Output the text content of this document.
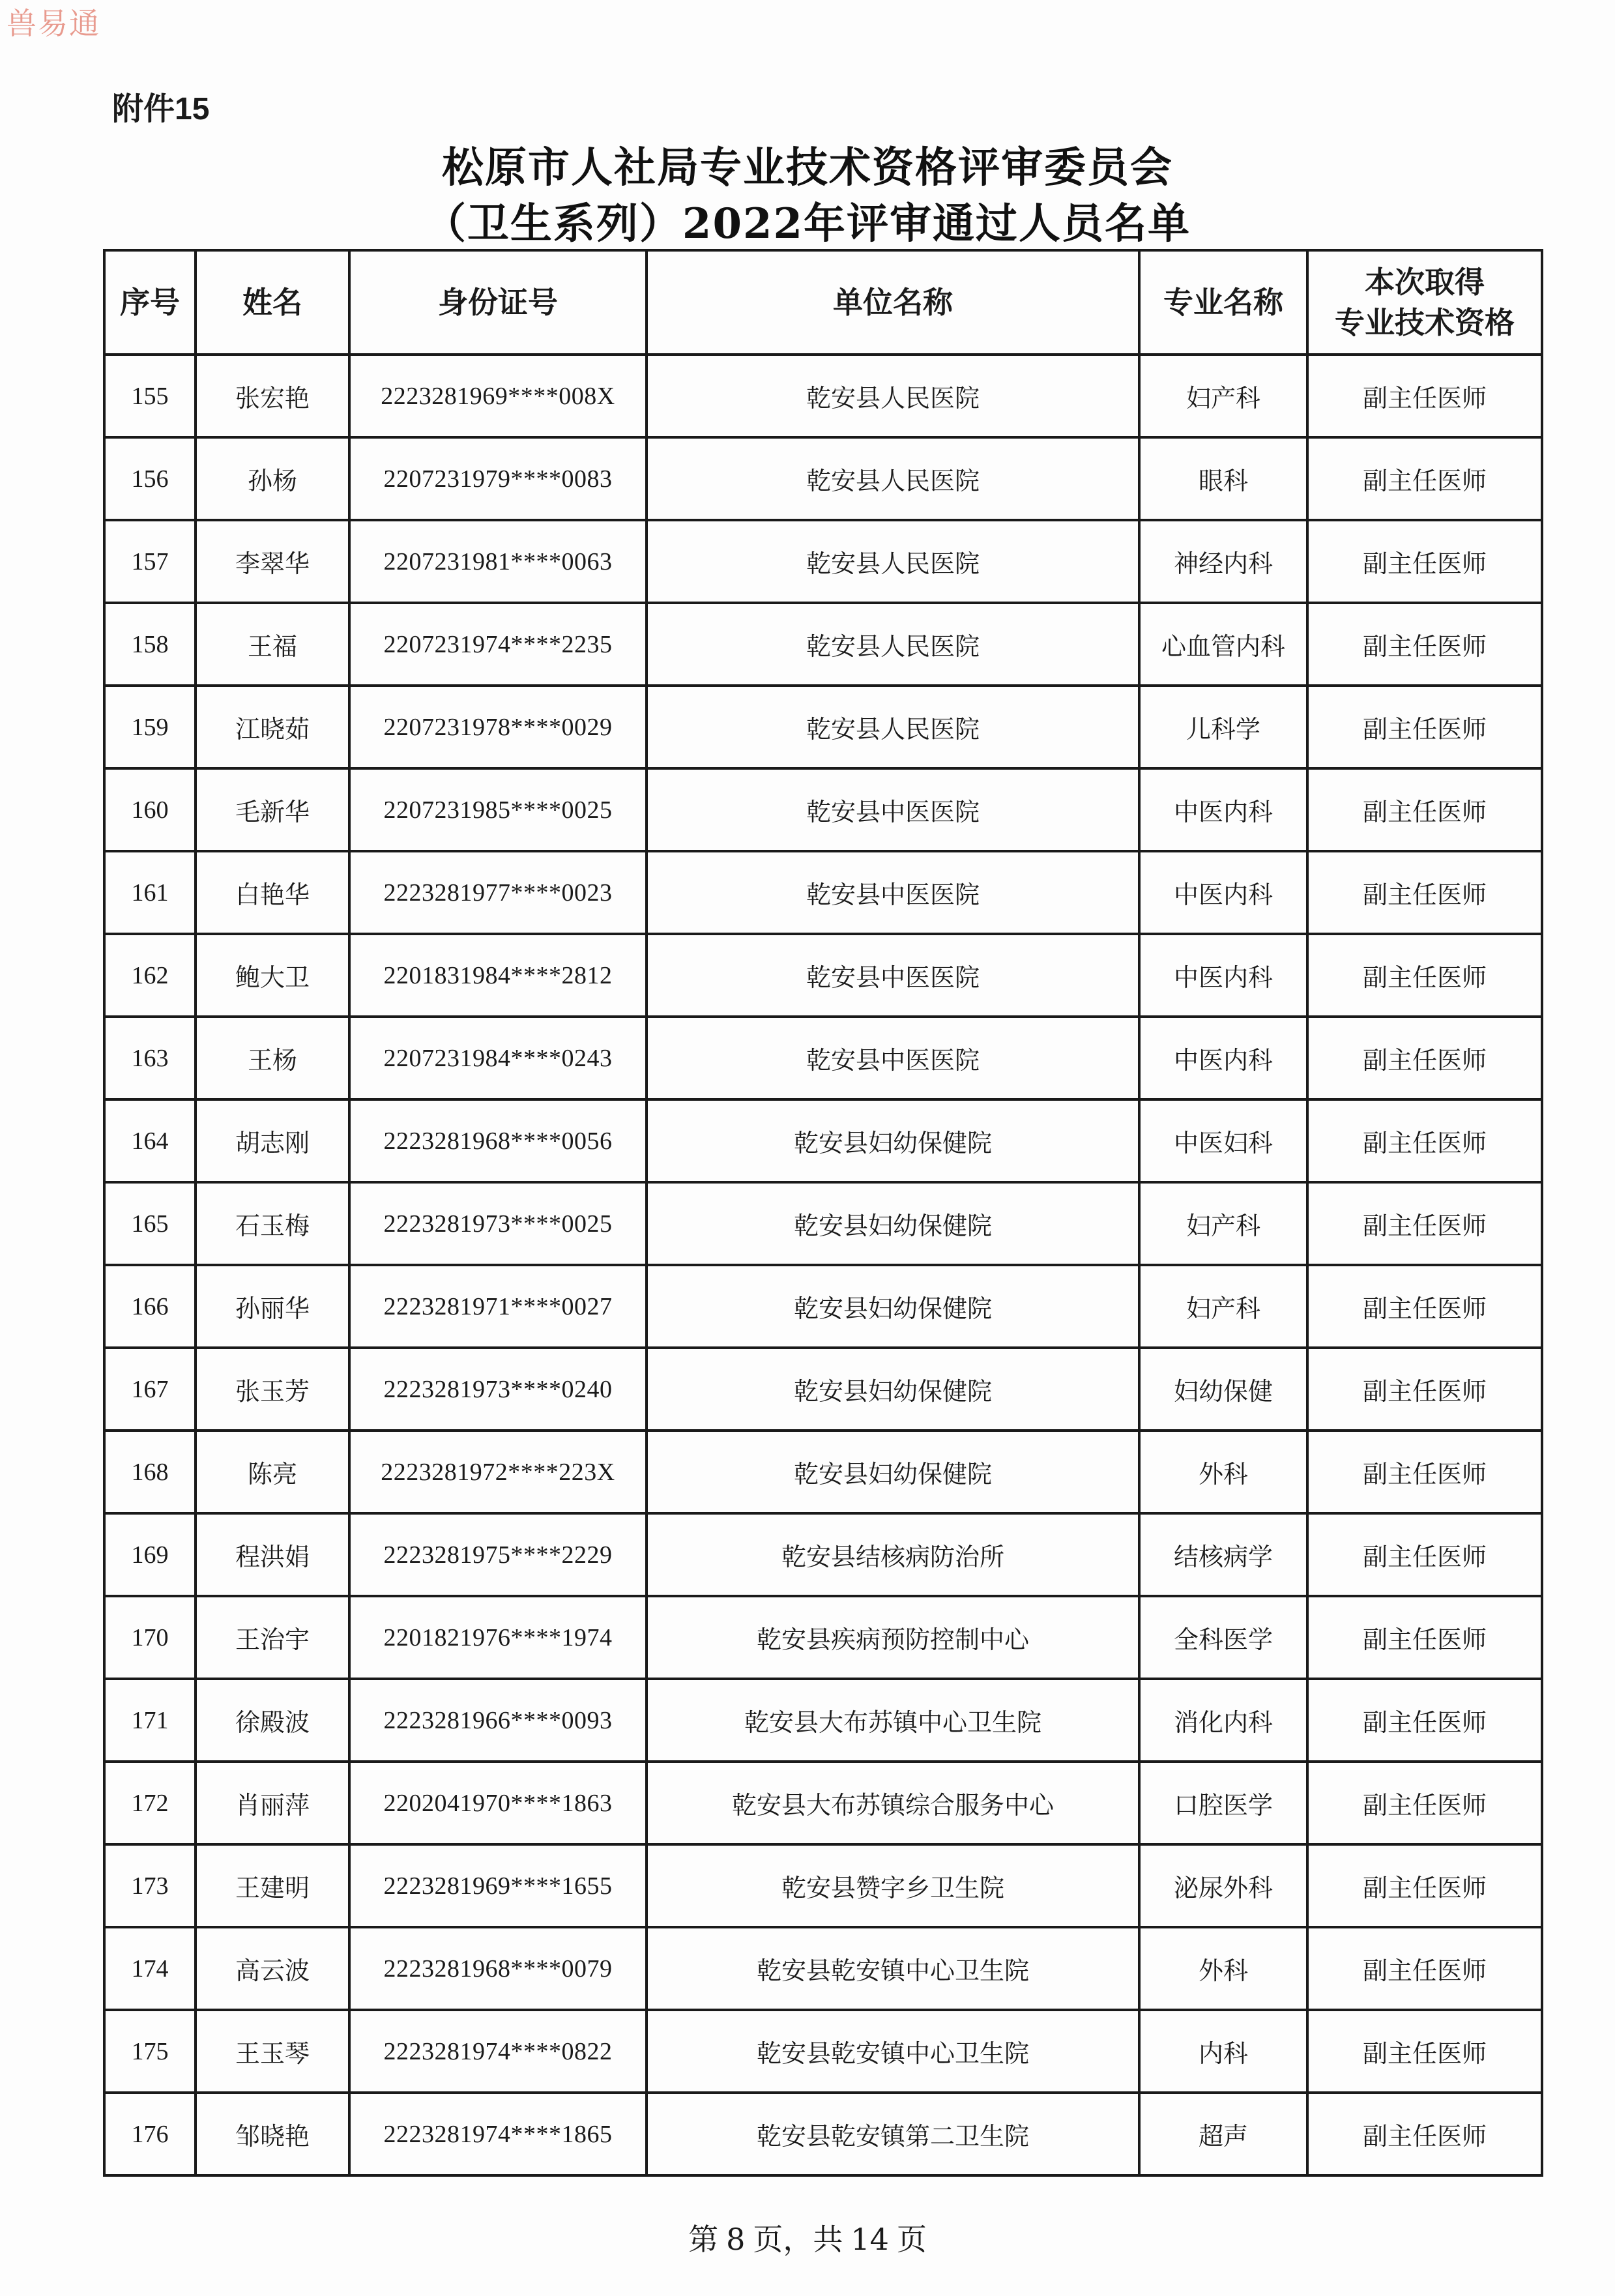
兽易通
附件15
松原市人社局专业技术资格评审委员会
（卫生系列）2022年评审通过人员名单
序号	姓名	身份证号	单位名称	专业名称	本次取得
专业技术资格

155	张宏艳	2223281969****008X	乾安县人民医院	妇产科	副主任医师
156	孙杨	2207231979****0083	乾安县人民医院	眼科	副主任医师
157	李翠华	2207231981****0063	乾安县人民医院	神经内科	副主任医师
158	王福	2207231974****2235	乾安县人民医院	心血管内科	副主任医师
159	江晓茹	2207231978****0029	乾安县人民医院	儿科学	副主任医师
160	毛新华	2207231985****0025	乾安县中医医院	中医内科	副主任医师
161	白艳华	2223281977****0023	乾安县中医医院	中医内科	副主任医师
162	鲍大卫	2201831984****2812	乾安县中医医院	中医内科	副主任医师
163	王杨	2207231984****0243	乾安县中医医院	中医内科	副主任医师
164	胡志刚	2223281968****0056	乾安县妇幼保健院	中医妇科	副主任医师
165	石玉梅	2223281973****0025	乾安县妇幼保健院	妇产科	副主任医师
166	孙丽华	2223281971****0027	乾安县妇幼保健院	妇产科	副主任医师
167	张玉芳	2223281973****0240	乾安县妇幼保健院	妇幼保健	副主任医师
168	陈亮	2223281972****223X	乾安县妇幼保健院	外科	副主任医师
169	程洪娟	2223281975****2229	乾安县结核病防治所	结核病学	副主任医师
170	王治宇	2201821976****1974	乾安县疾病预防控制中心	全科医学	副主任医师
171	徐殿波	2223281966****0093	乾安县大布苏镇中心卫生院	消化内科	副主任医师
172	肖丽萍	2202041970****1863	乾安县大布苏镇综合服务中心	口腔医学	副主任医师
173	王建明	2223281969****1655	乾安县赞字乡卫生院	泌尿外科	副主任医师
174	高云波	2223281968****0079	乾安县乾安镇中心卫生院	外科	副主任医师
175	王玉琴	2223281974****0822	乾安县乾安镇中心卫生院	内科	副主任医师
176	邹晓艳	2223281974****1865	乾安县乾安镇第二卫生院	超声	副主任医师
第 8 页，共 14 页
